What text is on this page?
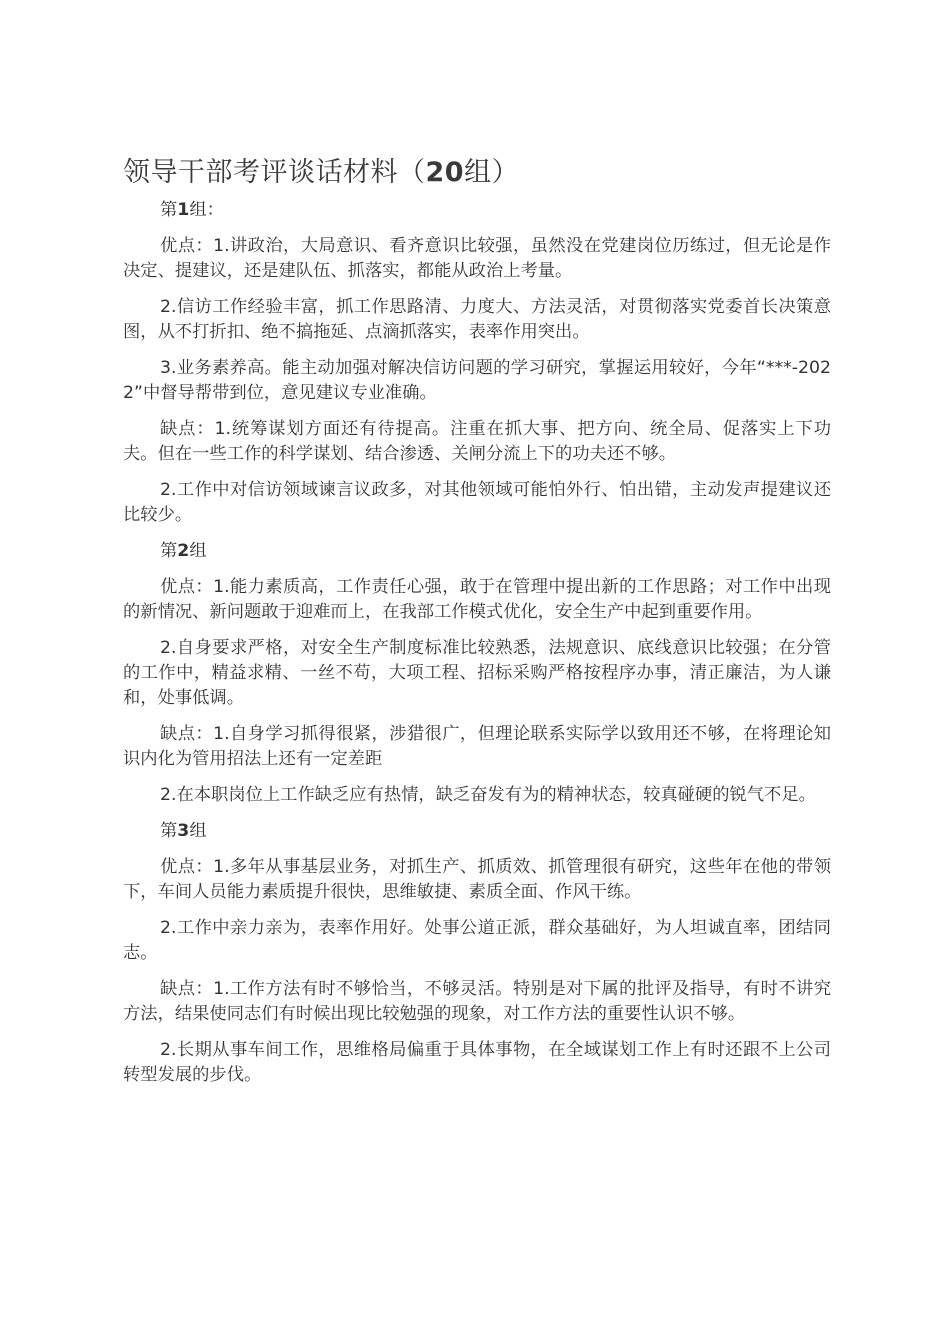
领导干部考评谈话材料（20组）

第1组：

优点：1.讲政治，大局意识、看齐意识比较强，虽然没在党建岗位历练过，但无论是作决定、提建议，还是建队伍、抓落实，都能从政治上考量。

2.信访工作经验丰富，抓工作思路清、力度大、方法灵活，对贯彻落实党委首长决策意图，从不打折扣、绝不搞拖延、点滴抓落实，表率作用突出。

3.业务素养高。能主动加强对解决信访问题的学习研究，掌握运用较好，今年“***-2022”中督导帮带到位，意见建议专业准确。

缺点：1.统筹谋划方面还有待提高。注重在抓大事、把方向、统全局、促落实上下功夫。但在一些工作的科学谋划、结合渗透、关闸分流上下的功夫还不够。

2.工作中对信访领域谏言议政多，对其他领域可能怕外行、怕出错，主动发声提建议还比较少。

第2组

优点：1.能力素质高，工作责任心强，敢于在管理中提出新的工作思路；对工作中出现的新情况、新问题敢于迎难而上，在我部工作模式优化，安全生产中起到重要作用。

2.自身要求严格，对安全生产制度标准比较熟悉，法规意识、底线意识比较强；在分管的工作中，精益求精、一丝不苟，大项工程、招标采购严格按程序办事，清正廉洁，为人谦和，处事低调。

缺点：1.自身学习抓得很紧，涉猎很广，但理论联系实际学以致用还不够，在将理论知识内化为管用招法上还有一定差距

2.在本职岗位上工作缺乏应有热情，缺乏奋发有为的精神状态，较真碰硬的锐气不足。

第3组

优点：1.多年从事基层业务，对抓生产、抓质效、抓管理很有研究，这些年在他的带领下，车间人员能力素质提升很快，思维敏捷、素质全面、作风干练。

2.工作中亲力亲为，表率作用好。处事公道正派，群众基础好，为人坦诚直率，团结同志。

缺点：1.工作方法有时不够恰当，不够灵活。特别是对下属的批评及指导，有时不讲究方法，结果使同志们有时候出现比较勉强的现象，对工作方法的重要性认识不够。

2.长期从事车间工作，思维格局偏重于具体事物，在全域谋划工作上有时还跟不上公司转型发展的步伐。
